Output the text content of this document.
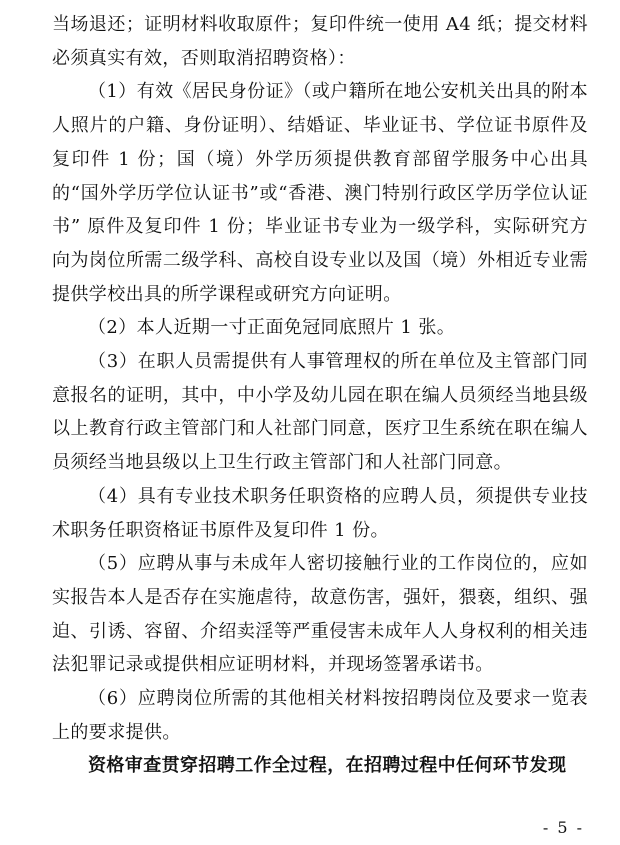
当场退还；证明材料收取原件；复印件统一使用 A4 纸；提交材料必须真实有效，否则取消招聘资格）：

（1）有效《居民身份证》（或户籍所在地公安机关出具的附本人照片的户籍、身份证明）、结婚证、毕业证书、学位证书原件及复印件 1 份；国（境）外学历须提供教育部留学服务中心出具的“国外学历学位认证书”或“香港、澳门特别行政区学历学位认证书” 原件及复印件 1 份；毕业证书专业为一级学科，实际研究方向为岗位所需二级学科、高校自设专业以及国（境）外相近专业需提供学校出具的所学课程或研究方向证明。

（2）本人近期一寸正面免冠同底照片 1 张。

（3）在职人员需提供有人事管理权的所在单位及主管部门同意报名的证明，其中，中小学及幼儿园在职在编人员须经当地县级以上教育行政主管部门和人社部门同意，医疗卫生系统在职在编人员须经当地县级以上卫生行政主管部门和人社部门同意。

（4）具有专业技术职务任职资格的应聘人员，须提供专业技术职务任职资格证书原件及复印件 1 份。

（5）应聘从事与未成年人密切接触行业的工作岗位的，应如实报告本人是否存在实施虐待，故意伤害，强奸，猥亵，组织、强迫、引诱、容留、介绍卖淫等严重侵害未成年人人身权利的相关违法犯罪记录或提供相应证明材料，并现场签署承诺书。

（6）应聘岗位所需的其他相关材料按招聘岗位及要求一览表上的要求提供。

资格审查贯穿招聘工作全过程，在招聘过程中任何环节发现

- 5 -
